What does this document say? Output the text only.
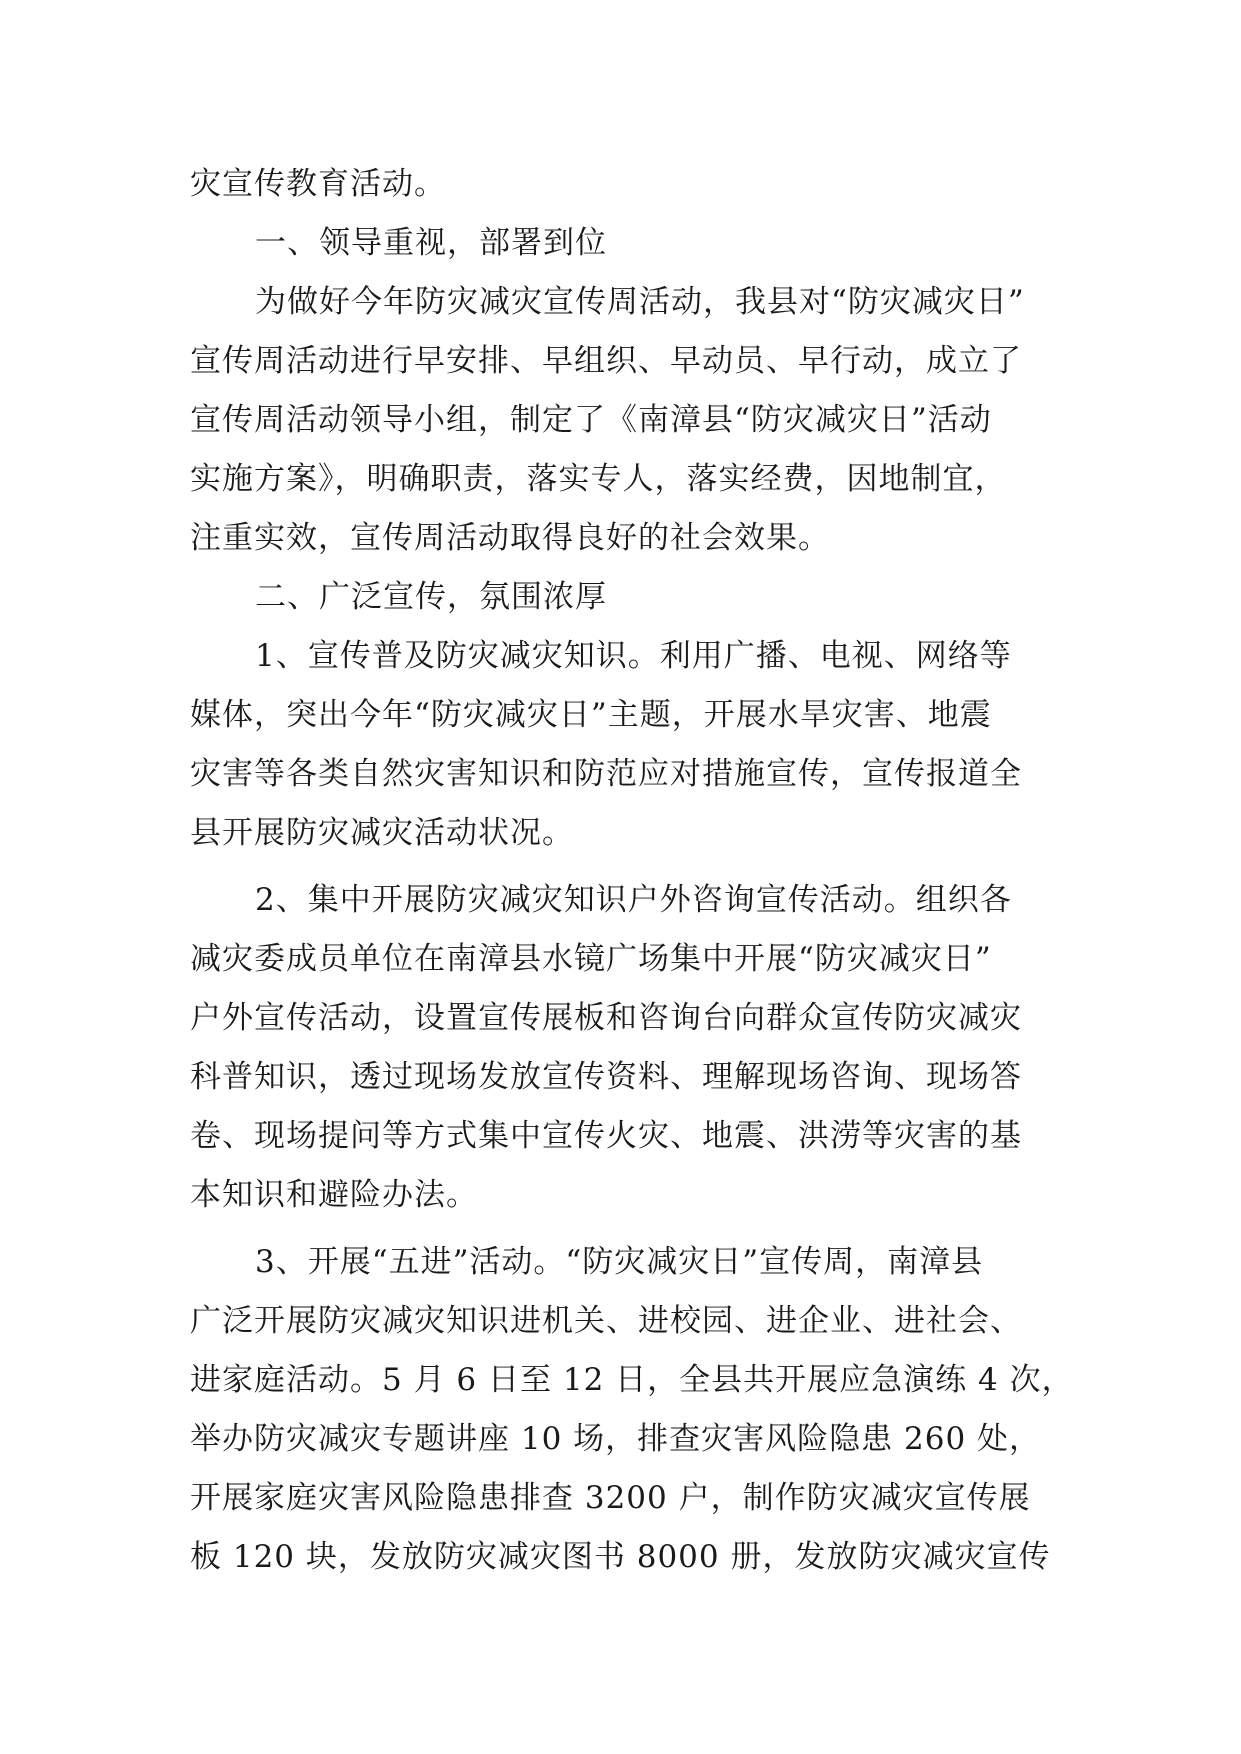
灾宣传教育活动。
一、领导重视，部署到位
为做好今年防灾减灾宣传周活动，我县对“防灾减灾日”
宣传周活动进行早安排、早组织、早动员、早行动，成立了
宣传周活动领导小组，制定了《南漳县“防灾减灾日”活动
实施方案》，明确职责，落实专人，落实经费，因地制宜，
注重实效，宣传周活动取得良好的社会效果。
二、广泛宣传，氛围浓厚
1、宣传普及防灾减灾知识。利用广播、电视、网络等
媒体，突出今年“防灾减灾日”主题，开展水旱灾害、地震
灾害等各类自然灾害知识和防范应对措施宣传，宣传报道全
县开展防灾减灾活动状况。
2、集中开展防灾减灾知识户外咨询宣传活动。组织各
减灾委成员单位在南漳县水镜广场集中开展“防灾减灾日”
户外宣传活动，设置宣传展板和咨询台向群众宣传防灾减灾
科普知识，透过现场发放宣传资料、理解现场咨询、现场答
卷、现场提问等方式集中宣传火灾、地震、洪涝等灾害的基
本知识和避险办法。
3、开展“五进”活动。“防灾减灾日”宣传周，南漳县
广泛开展防灾减灾知识进机关、进校园、进企业、进社会、
进家庭活动。5 月 6 日至 12 日，全县共开展应急演练 4 次，
举办防灾减灾专题讲座 10 场，排查灾害风险隐患 260 处，
开展家庭灾害风险隐患排查 3200 户，制作防灾减灾宣传展
板 120 块，发放防灾减灾图书 8000 册，发放防灾减灾宣传
